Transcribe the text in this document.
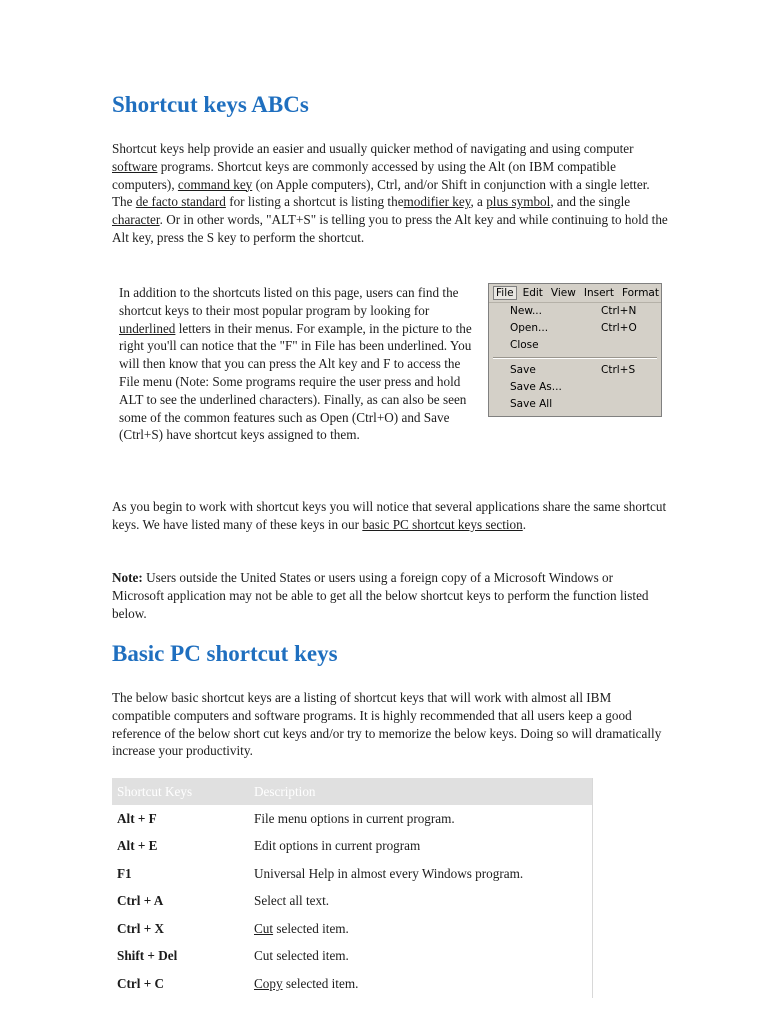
Shortcut keys ABCs

Shortcut keys help provide an easier and usually quicker method of navigating and using computer software programs. Shortcut keys are commonly accessed by using the Alt (on IBM compatible computers), command key (on Apple computers), Ctrl, and/or Shift in conjunction with a single letter. The de facto standard for listing a shortcut is listing themodifier key, a plus symbol, and the single character. Or in other words, "ALT+S" is telling you to press the Alt key and while continuing to hold the Alt key, press the S key to perform the shortcut.

In addition to the shortcuts listed on this page, users can find the shortcut keys to their most popular program by looking for underlined letters in their menus. For example, in the picture to the right you'll can notice that the "F" in File has been underlined. You will then know that you can press the Alt key and F to access the File menu (Note: Some programs require the user press and hold ALT to see the underlined characters). Finally, as can also be seen some of the common features such as Open (Ctrl+O) and Save (Ctrl+S) have shortcut keys assigned to them.

File Edit View Insert Format
New...	Ctrl+N
Open...	Ctrl+O
Close
Save	Ctrl+S
Save As...
Save All

As you begin to work with shortcut keys you will notice that several applications share the same shortcut keys. We have listed many of these keys in our basic PC shortcut keys section.

Note: Users outside the United States or users using a foreign copy of a Microsoft Windows or Microsoft application may not be able to get all the below shortcut keys to perform the function listed below.

Basic PC shortcut keys

The below basic shortcut keys are a listing of shortcut keys that will work with almost all IBM compatible computers and software programs. It is highly recommended that all users keep a good reference of the below short cut keys and/or try to memorize the below keys. Doing so will dramatically increase your productivity.

Shortcut Keys	Description
Alt + F	File menu options in current program.
Alt + E	Edit options in current program
F1	Universal Help in almost every Windows program.
Ctrl + A	Select all text.
Ctrl + X	Cut selected item.
Shift + Del	Cut selected item.
Ctrl + C	Copy selected item.
